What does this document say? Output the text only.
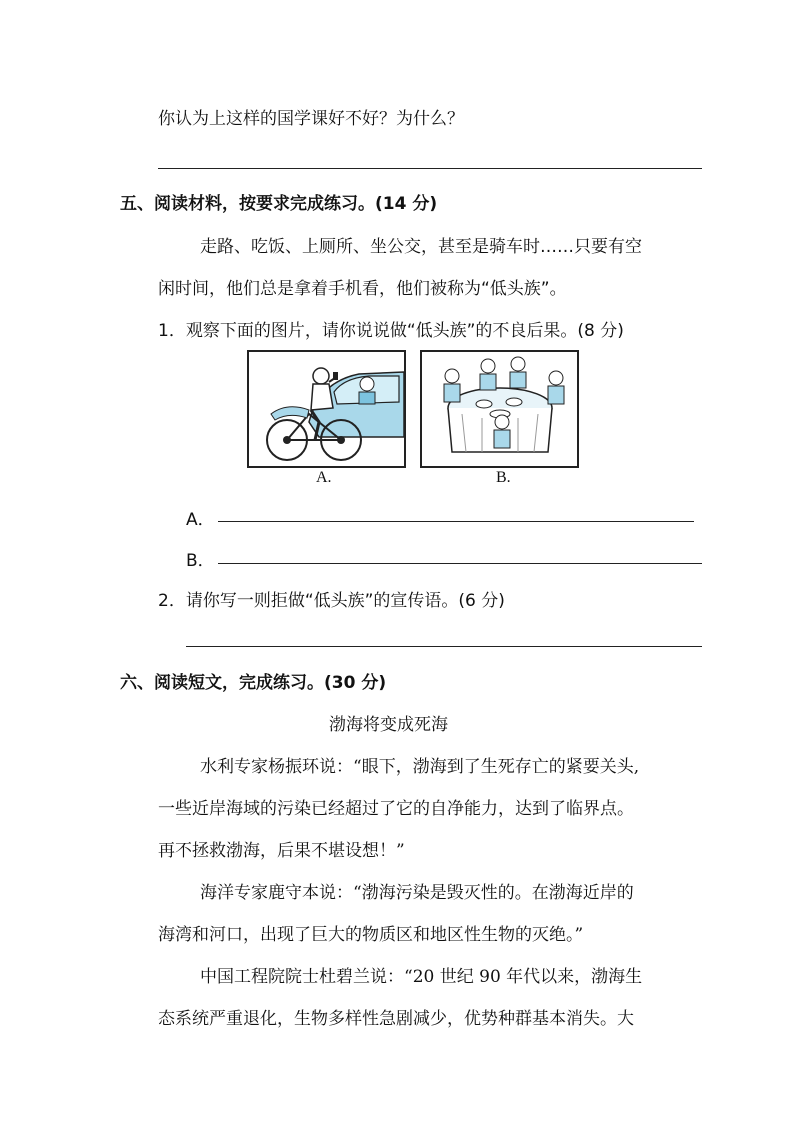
你认为上这样的国学课好不好？为什么？
五、阅读材料，按要求完成练习。(14 分)
走路、吃饭、上厕所、坐公交，甚至是骑车时……只要有空
闲时间，他们总是拿着手机看，他们被称为“低头族”。
1．观察下面的图片，请你说说做“低头族”的不良后果。(8 分)
A.	B.
A．
B．
2．请你写一则拒做“低头族”的宣传语。(6 分)
六、阅读短文，完成练习。(30 分)
渤海将变成死海
水利专家杨振环说：“眼下，渤海到了生死存亡的紧要关头,
一些近岸海域的污染已经超过了它的自净能力，达到了临界点。
再不拯救渤海，后果不堪设想！”
海洋专家鹿守本说：“渤海污染是毁灭性的。在渤海近岸的
海湾和河口，出现了巨大的物质区和地区性生物的灭绝。”
中国工程院院士杜碧兰说：“20 世纪 90 年代以来，渤海生
态系统严重退化，生物多样性急剧减少，优势种群基本消失。大
